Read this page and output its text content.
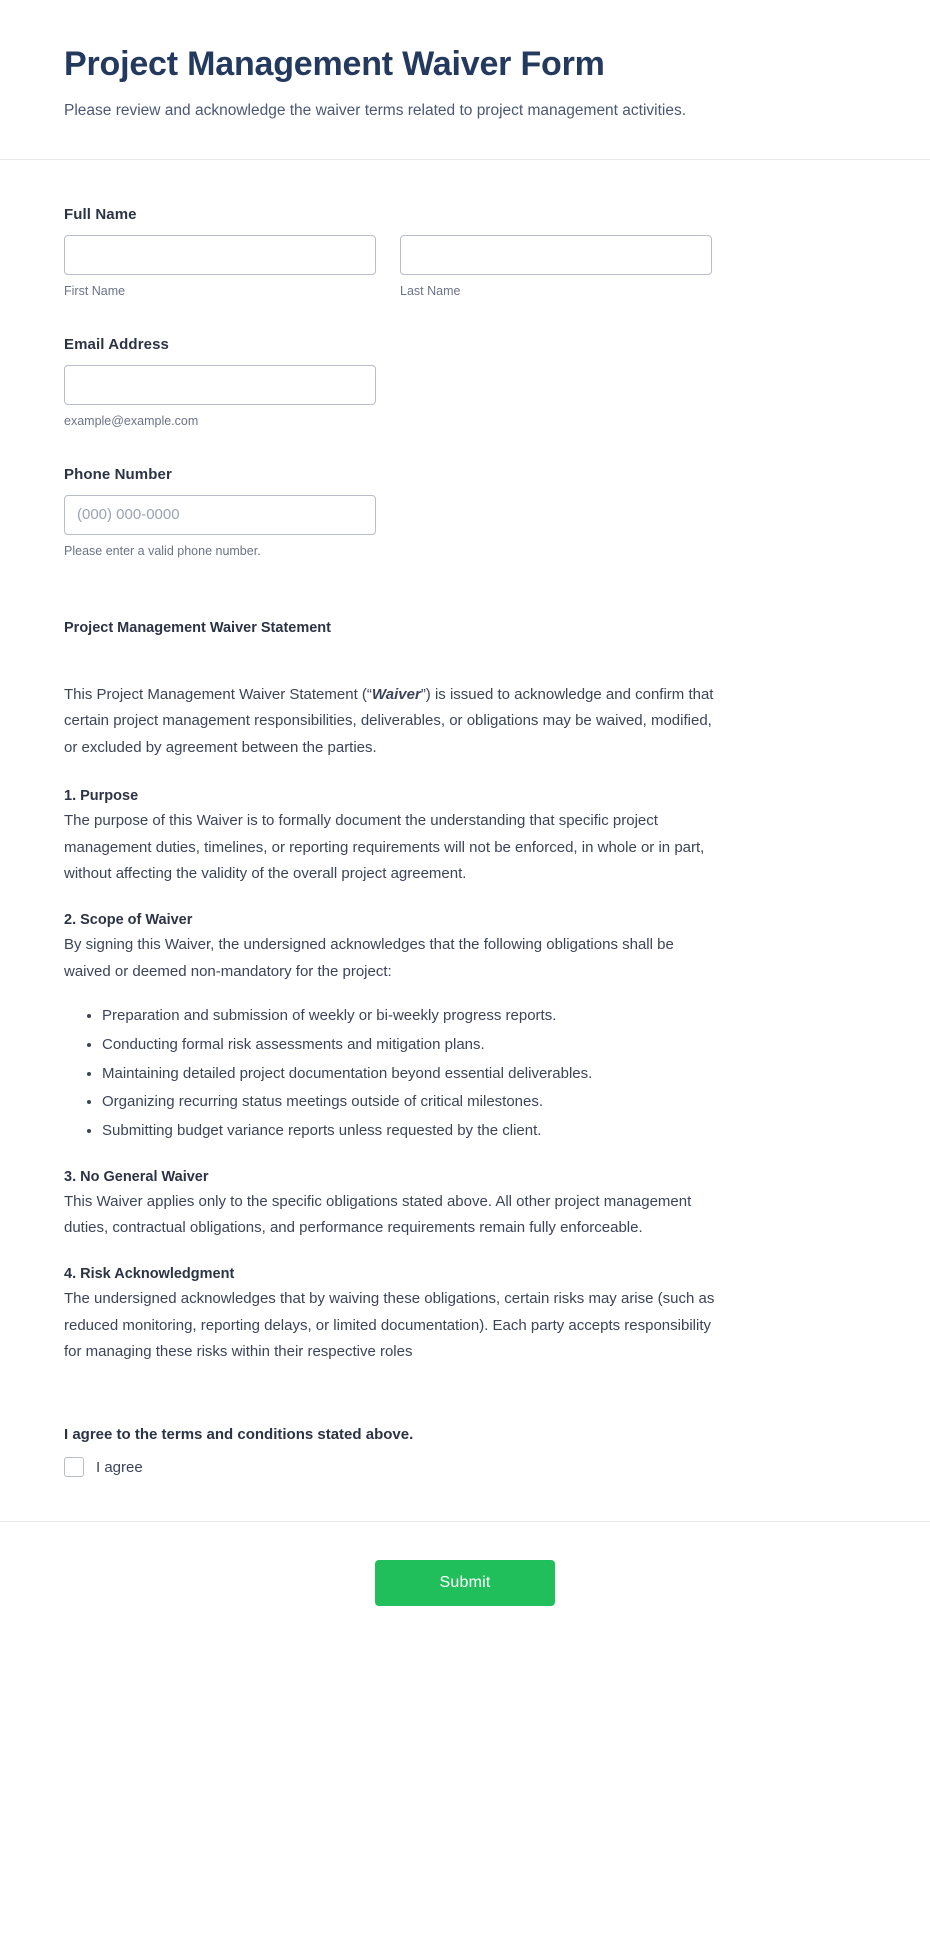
Project Management Waiver Form

Please review and acknowledge the waiver terms related to project management activities.

Full Name
First Name	Last Name
Email Address
example@example.com
Phone Number
(000) 000-0000
Please enter a valid phone number.
Project Management Waiver Statement

This Project Management Waiver Statement (“Waiver”) is issued to acknowledge and confirm that certain project management responsibilities, deliverables, or obligations may be waived, modified, or excluded by agreement between the parties.

1. Purpose

The purpose of this Waiver is to formally document the understanding that specific project management duties, timelines, or reporting requirements will not be enforced, in whole or in part, without affecting the validity of the overall project agreement.

2. Scope of Waiver

By signing this Waiver, the undersigned acknowledges that the following obligations shall be waived or deemed non-mandatory for the project:

• Preparation and submission of weekly or bi-weekly progress reports.
• Conducting formal risk assessments and mitigation plans.
• Maintaining detailed project documentation beyond essential deliverables.
• Organizing recurring status meetings outside of critical milestones.
• Submitting budget variance reports unless requested by the client.
3. No General Waiver

This Waiver applies only to the specific obligations stated above. All other project management duties, contractual obligations, and performance requirements remain fully enforceable.

4. Risk Acknowledgment

The undersigned acknowledges that by waiving these obligations, certain risks may arise (such as reduced monitoring, reporting delays, or limited documentation). Each party accepts responsibility for managing these risks within their respective roles

I agree to the terms and conditions stated above.
I agree
Submit
